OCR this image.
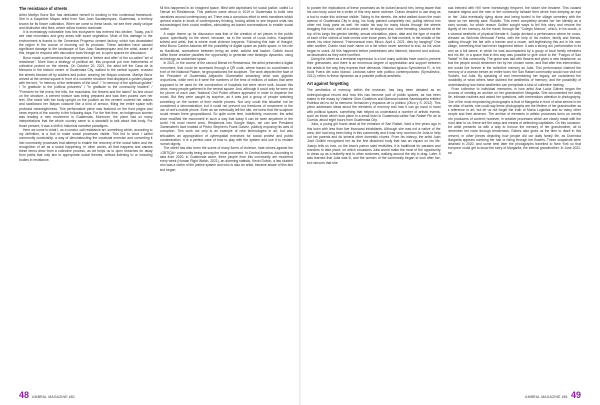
The resistance of streets

Artist Marilyn Boror Bor has dedicated herself to working in this contextual framework. She is a Kaqchikel Mayan artist from San Juan Sacatepéquez, Guatemala, a territory known for its flower cultivation. When we come to these lands, we see their vastly unique and distinctive wild flora, where willow bushes dominate.

It is increasingly noticeable how this ecosystem has entered into decline. Today, you'll see vast mountains and grey areas with scant vegetation. Most of this damage to the environment is thanks to the Cementos Progreso cement factory, which has devastated the region in the course of churning out its products. These activities have caused significant damage to the landscape of San Juan Sacatepéquez and the artist, aware of this, began to respond with discursive tools through art, to open spaces for discussion.

Boror made a performance that represented a 'before and after' of the so-called "art of resistance". More than a strategy of political art, this proposal put new instruments of collective protest on the streets. On October 20, 2021, the artist left the Casa de la Memoria in the historic centre of Guatemala City, walked to the central square, crossed the streets blocked off by soldiers and police, wearing her Mayan costume. Marilyn Boror arrived at the central square in front of a concrete structure that displayed a golden plaque with the text, "In memory of the defenders of the land" / "In memory of the spiritual guides" / "In gratitude to the political prisoners" / "In gratitude to the community leaders" / "Freedom for the rivers, the hills, the mountains, the flowers and the lakes!" As she stood on the structure, a cement mixture was being prepared and was then poured over her feet. She stood with her body upright on the podium as the cement covered her ankles and swallowed her Mayan costume like a kind of armour, filling the entire space with profound meaningfulness. This performative piece was featured on the front pages and news reports of the country in the following days. For the first time, an indigenous woman was leading a new movement in Guatemala. Moreover, the piece had so many interpretations that the whole country came to a standstill to talk about that body. For those present, it was a shift in historical narrative paradigms.

Here we come to what I, as a curator, call resistance art, something which, according to my definition, is a tool to make social processes visible. This led to what I called community curatorship, a way of deconstructing the curatorial exercise and converting it into community processes that attempt to enable the recovery of the social fabric and the recognition of art as a social happening. In other words, all that happens and causes these terms drew from a collective process, as art helps us to open breaches for away from paths that only aim to appropriate social themes, without listening to or including bodies in resistance.

All this happened in an imagined space, filled with aspirations for social justice, called Lo Eternal en Resistencia. This platform came about in 2019 in Guatemala to build new narratives around contemporary art. There was a conscious effort to seek narratives which opened cracks in kinds of contemporary thinking, forcing artists to see beyond what has acknowledged their social realities, stimulating art-based conversations to enable social justice.

A major theme up for discussion was that of the creation of art pieces in the public space, specifically on the street, because, as in the words of Lucia Ixchiu, Kaqchikel activist and artist, that is where most violence happens. Following this train of thought, artist Bruno Cardon Asturias left the possibility of digital space as public space, in his role as Hacktivist, somewhere between being an artist, activist and hacker. Calixto found within these creative parallels the opportunity to generate new strategic dynamics, using technology as unclaimed space.

In 2021, in the course of the second Bienal en Resistencia, the artist presented a digital monument, that could be accessed through a QR code, where based on coordinates in front of the National Palace, he geopositioned the sculpture. The work depicted the face of the President of Guatemala Alejandro Giammattei smashing what was gigantic proportions, while next to it were the numbers of the tens of millions of dollars that were supposed to be used for the construction of hospitals but were never built. Around this piece, many people gathered in the central square. And, although it could only be seen via the phone of each user, National Civil Police officers appeared in order to disperse the crowd. But they were caught by surprise, as it was just a group of people watching something on the screen of their mobile phones. Not only could this situation not be considered a demonstration, but it could not prevent our freedoms of movement or the use of one's mobile phone. Even as we eventually left the site, we knew that the sculpture would remain there geopositioned. So quite some time, indefinitely; moreover, the artist since modified the monument in such a way that today it can be seen anywhere in the world. His most recent work, Residencia into Google Maps, we can see President Giammattei's face instead of Pedro Stephen's Frank Galvez, publicly exposing his acts of corruption. This work not only is an example of new technologies in art, but also articulates an appropriation of cyberspatial exercises for social protest and public condemnation. It is a perfect case of how to play with the system and use it to reclaim human dignity.

The street has also been the scene of many forms of violence, hate crimes against the LGBTIQA+ community being among the most prominent. In Central America, According to data from 2020, in Guatemala alone, three people from this community are murdered every week (Human Right Watch, 2021), an alarming statistic. Kevin Dubón, a law student who was a victim of the justice system and who is also an artist, became aware of this fact and began

48 UMBRAL MAGAZINE #81

to ponder the implications of these processes as he looked around him, being aware that his own body could be a victim of this very same violence. Dubón decided to use drag as a tool to make this violence visible. Taking to the streets, the artist walked down the main avenue of Guatemala City in drag, his body painted completely red, pulling behind him other red body parts as well. He made his way for many blocks through the streets dragging this load, until at a certain point, he stopped and, voice breaking, shouted at the top of his lungs the gender identity, sexual orientation, place, date and the type of murder of each of the victims of hate crimes over those years. At that moment, in the middle of the street, his voice intoned: "Homosexual man, Mixco, April 4, 2021, dies by hanging!" One after another, Dubón read each name on a list which never seemed to end, as his voice began to crack. All this happened before pedestrians who listened, stunned and curious, as fascinated as they were horrified.

Using the street as a territorial expression is a tool many activists have used to present their grievances, and there is an enormous degree of appreciation and support between the artists in the way they express their demands. Historian Ignacio Symulievicz R., in his book Fuera del cubo blanco: Lecturas sobre arte público contemporáneo (Symulievicz, 2012), refers to these dynamics as a possible political aesthetic.

Art against forgetting

The aesthetics of memory, within the museum, has long been debated as an anthropological record and how this has become part of public spaces, as has been stated in the essay by Vladimir Olivo Gualteros and Mariana Isabela Sambaquelia entitled Estética del no de la memoria: formación y espacios de lo público (Olivo y S. 2012). This piece addresses ideas about the elements of memory and how it can go hand in hand with political spaces, something that helped us understand a number of artistic events, such as those which took place in a small town in Guatemala called San Rafael Pie de la Cuesta, about eight hours from Guatemala City.

Julia, a young girl found dead at the entrance of San Rafael, lived a few years ago in this town with less than five thousand inhabitants. Although she was not a native of the area, she had long been living in this community and it was very common for Julia to help out her parents and do several other domestic chores. From his infancy, the artist Juan José Guillén recognised her as the first dissolved body that had an impact on his life. Juanjo tells us how, on the town's patron saint festivities, it is traditional for parades and marches to take place, on which occasions Julia would make the most of the opportunity to dress up as a butterfly and in other costumes, walking around the city in drag. Later, it was learned that Julia was ill, and the women of the community began to look after her, but rumours that she

was infected with HIV were increasingly frequent, the sicker she became. This caused massive stigma and the men in the community forbade their wives from keeping an eye on her. Julia eventually dying alone and being buried in the village cemetery with the name on her identity card: Rodolfo. This event completely denied her her identity as a trans woman, for which reason Guillén sought ways to tell this story and restore the dignity of her memory. As the travel, through the "Colegio Marcos", which, in his words, is a visceral aesthetic of physical liberate it. Juanjo devised a performance where he cross-dressed as Señorita Memorial Florita, with the help of his mother, family and friends, walking through the fair with a banner and a crown, self-legitimising this act in his own village, something that had never happened before. It was a strong act, performative in its own as a full dance, in which he was accompanied by a group of local family members and his life, in a space that in this way was possible to give voice to the "Fuegos of San Rafael" in this community. The grave was laid with flowers and given a new headstone, so that the people would remember her by her chosen name, and that after this intervention, she would live forever in the collective memory as Julia. This performance claimed the memory of a woman before an entire town; the San Rafael community would now visit not Rodolfo, but Julia. By speaking of and remembering her legacy, we considered the possibility of what others have dubbed the aesthetics of memory; and the possibility of understanding how these aesthetics can precipitate a kind of collective healing.

From collective to individual memories, is how artist Ana Lucía Gálvez began the process of creating an archive on her grandmother Margarita. She documented her daily life, intimate routines and asked her questions, with tremendous attention to photography. One of the most empowering photographs is that of Margarita in front of what seems to be her altar of saints, she could say these photographs are the lifetime of her grandmother as a reference in art, but let us not forget the truth of María Luginitas and so many other people and their absence. The archive of elements in artistic processes turns us merely into producers of content; however, in creative processes which are clearly made with the most dear to us, these are the ways and means of defending capitalism. On this occasion, the artist presents us with a way to honour the memory of her grandmother, all to remember her route through tenderness. Gálvez also gives us the time to dwell in this present, in other pieces depicting how people did our daily family life, as Dominica Margarita appears combing her hair or riding through her flowers. These snapshots were obtained in 2020, and some time later the photographs travelled to New York so that everyone could get to know the story of Margarita, the eternal grandmother. In June 2022, we

UMBRAL MAGAZINE #81 49
